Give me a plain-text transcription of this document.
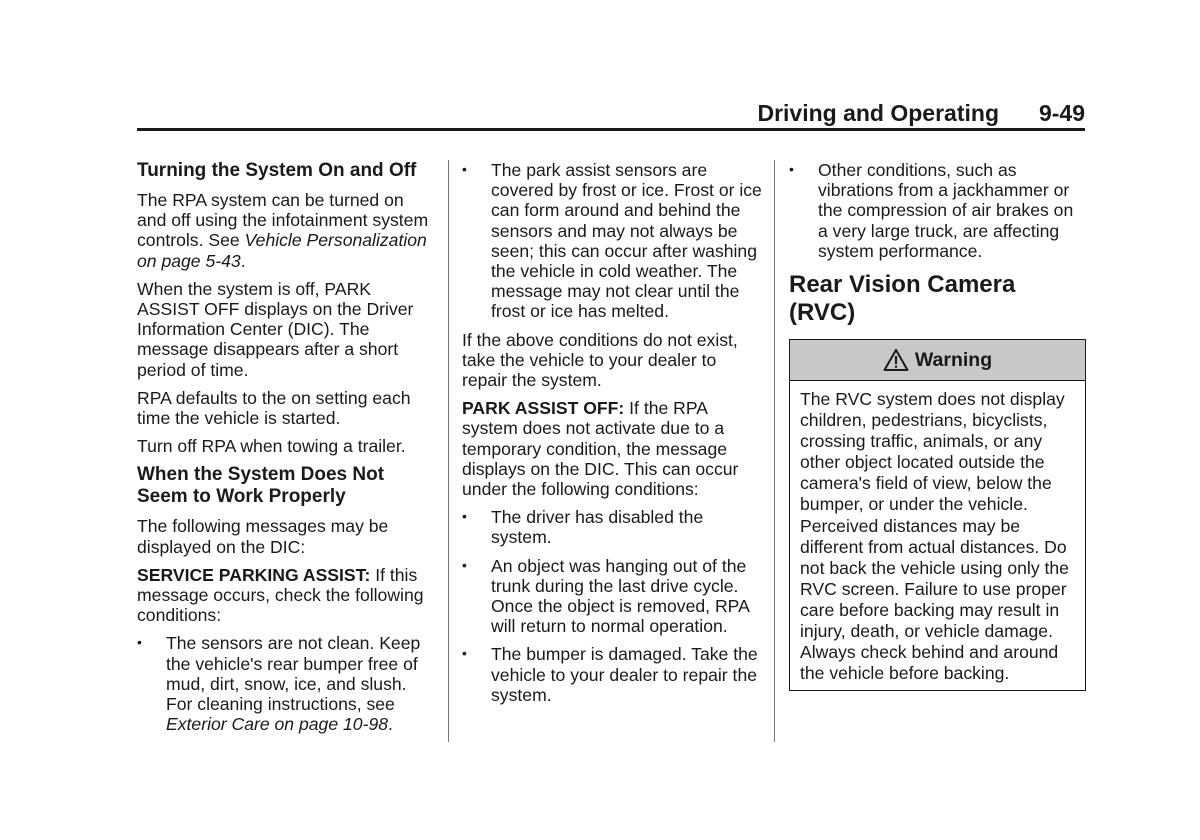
Driving and Operating 9-49
Turning the System On and Off

The RPA system can be turned on and off using the infotainment system controls. See Vehicle Personalization on page 5-43.

When the system is off, PARK ASSIST OFF displays on the Driver Information Center (DIC). The message disappears after a short period of time.

RPA defaults to the on setting each time the vehicle is started.

Turn off RPA when towing a trailer.

When the System Does Not Seem to Work Properly

The following messages may be displayed on the DIC:

SERVICE PARKING ASSIST: If this message occurs, check the following conditions:

• The sensors are not clean. Keep the vehicle's rear bumper free of mud, dirt, snow, ice, and slush. For cleaning instructions, see Exterior Care on page 10-98.
• The park assist sensors are covered by frost or ice. Frost or ice can form around and behind the sensors and may not always be seen; this can occur after washing the vehicle in cold weather. The message may not clear until the frost or ice has melted.

If the above conditions do not exist, take the vehicle to your dealer to repair the system.

PARK ASSIST OFF: If the RPA system does not activate due to a temporary condition, the message displays on the DIC. This can occur under the following conditions:

• The driver has disabled the system.
• An object was hanging out of the trunk during the last drive cycle. Once the object is removed, RPA will return to normal operation.
• The bumper is damaged. Take the vehicle to your dealer to repair the system.
• Other conditions, such as vibrations from a jackhammer or the compression of air brakes on a very large truck, are affecting system performance.
Rear Vision Camera (RVC)
Warning
The RVC system does not display children, pedestrians, bicyclists, crossing traffic, animals, or any other object located outside the camera's field of view, below the bumper, or under the vehicle. Perceived distances may be different from actual distances. Do not back the vehicle using only the RVC screen. Failure to use proper care before backing may result in injury, death, or vehicle damage. Always check behind and around the vehicle before backing.
